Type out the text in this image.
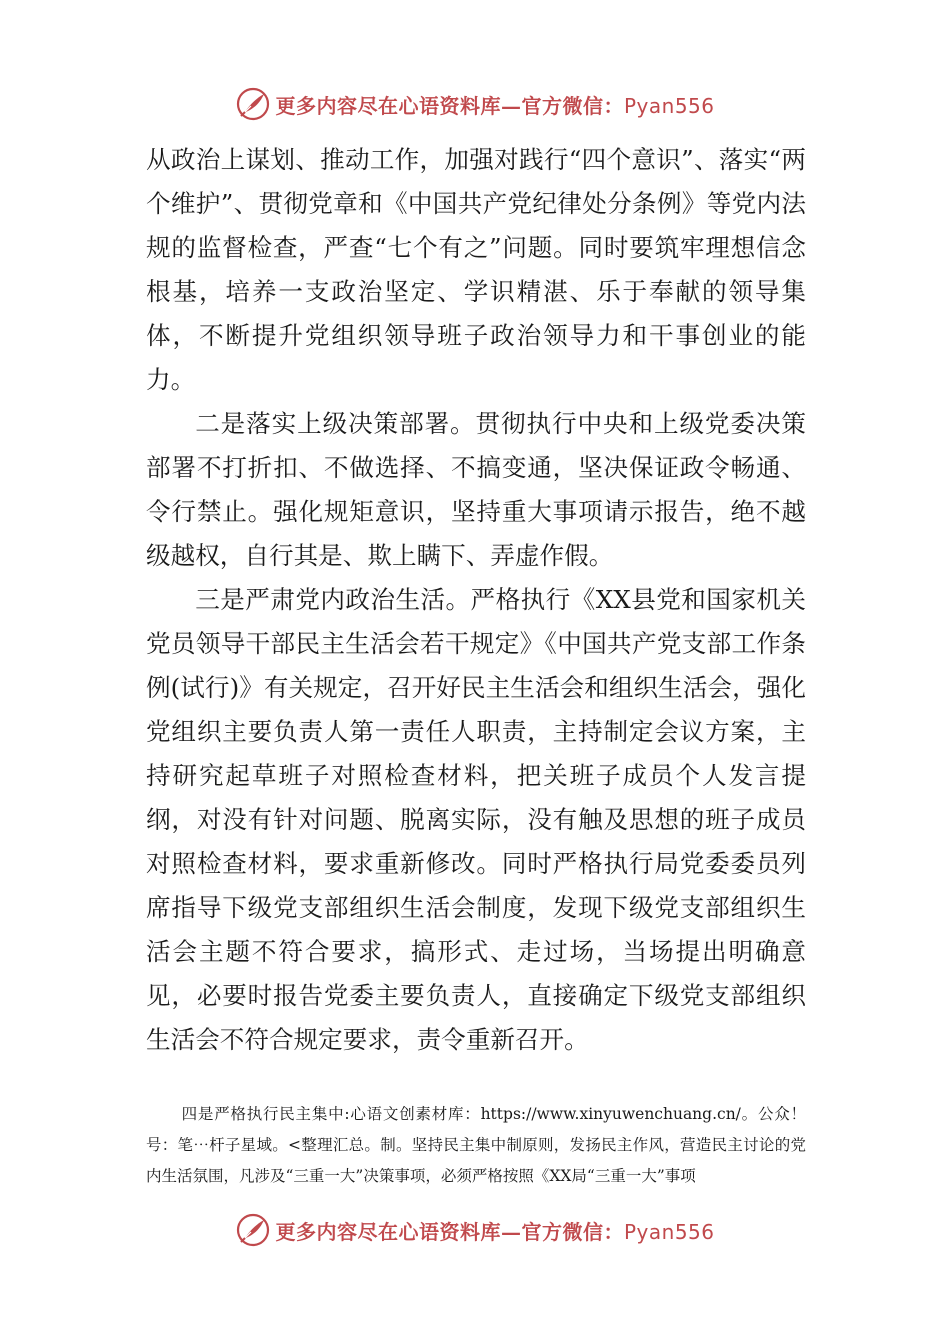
更多内容尽在心语资料库—官方微信：Pyan556

从政治上谋划、推动工作，加强对践行“四个意识”、落实“两个维护”、贯彻党章和《中国共产党纪律处分条例》等党内法规的监督检查，严查“七个有之”问题。同时要筑牢理想信念根基，培养一支政治坚定、学识精湛、乐于奉献的领导集体，不断提升党组织领导班子政治领导力和干事创业的能力。

二是落实上级决策部署。贯彻执行中央和上级党委决策部署不打折扣、不做选择、不搞变通，坚决保证政令畅通、令行禁止。强化规矩意识，坚持重大事项请示报告，绝不越级越权，自行其是、欺上瞒下、弄虚作假。

三是严肃党内政治生活。严格执行《XX县党和国家机关党员领导干部民主生活会若干规定》《中国共产党支部工作条例(试行)》有关规定，召开好民主生活会和组织生活会，强化党组织主要负责人第一责任人职责，主持制定会议方案，主持研究起草班子对照检查材料，把关班子成员个人发言提纲，对没有针对问题、脱离实际，没有触及思想的班子成员对照检查材料，要求重新修改。同时严格执行局党委委员列席指导下级党支部组织生活会制度，发现下级党支部组织生活会主题不符合要求，搞形式、走过场，当场提出明确意见，必要时报告党委主要负责人，直接确定下级党支部组织生活会不符合规定要求，责令重新召开。

四是严格执行民主集中:心语文创素材库：https://www.xinyuwenchuang.cn/。公众！号：笔⋯杆子星域。<整理汇总。制。坚持民主集中制原则，发扬民主作风，营造民主讨论的党内生活氛围，凡涉及“三重一大”决策事项，必须严格按照《XX局“三重一大”事项

更多内容尽在心语资料库—官方微信：Pyan556
